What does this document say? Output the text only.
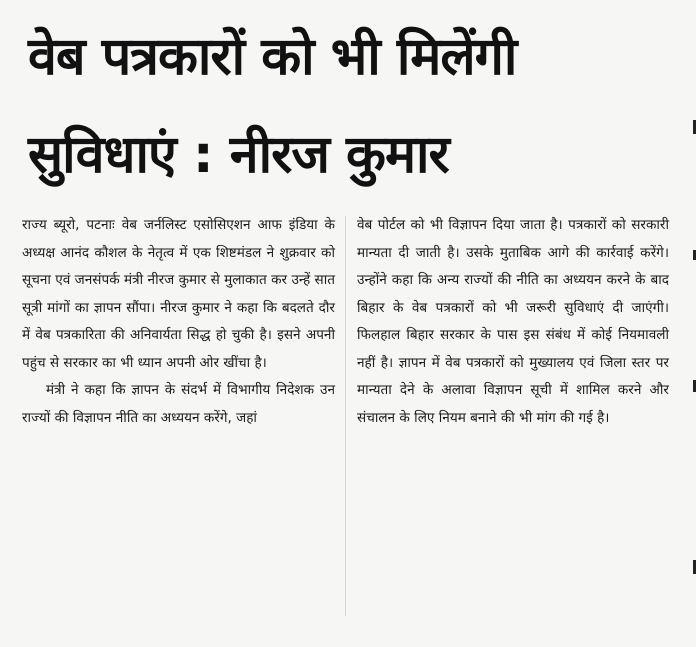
वेब पत्रकारों को भी मिलेंगी
सुविधाएं : नीरज कुमार

राज्य ब्यूरो, पटनाः वेब जर्नलिस्ट एसोसिएशन आफ इंडिया के अध्यक्ष आनंद कौशल के नेतृत्व में एक शिष्टमंडल ने शुक्रवार को सूचना एवं जनसंपर्क मंत्री नीरज कुमार से मुलाकात कर उन्हें सात सूत्री मांगों का ज्ञापन सौंपा। नीरज कुमार ने कहा कि बदलते दौर में वेब पत्रकारिता की अनिवार्यता सिद्ध हो चुकी है। इसने अपनी पहुंच से सरकार का भी ध्यान अपनी ओर खींचा है।

मंत्री ने कहा कि ज्ञापन के संदर्भ में विभागीय निदेशक उन राज्यों की विज्ञापन नीति का अध्ययन करेंगे, जहां

वेब पोर्टल को भी विज्ञापन दिया जाता है। पत्रकारों को सरकारी मान्यता दी जाती है। उसके मुताबिक आगे की कार्रवाई करेंगे। उन्होंने कहा कि अन्य राज्यों की नीति का अध्ययन करने के बाद बिहार के वेब पत्रकारों को भी जरूरी सुविधाएं दी जाएंगी। फिलहाल बिहार सरकार के पास इस संबंध में कोई नियमावली नहीं है। ज्ञापन में वेब पत्रकारों को मुख्यालय एवं जिला स्तर पर मान्यता देने के अलावा विज्ञापन सूची में शामिल करने और संचालन के लिए नियम बनाने की भी मांग की गई है।
